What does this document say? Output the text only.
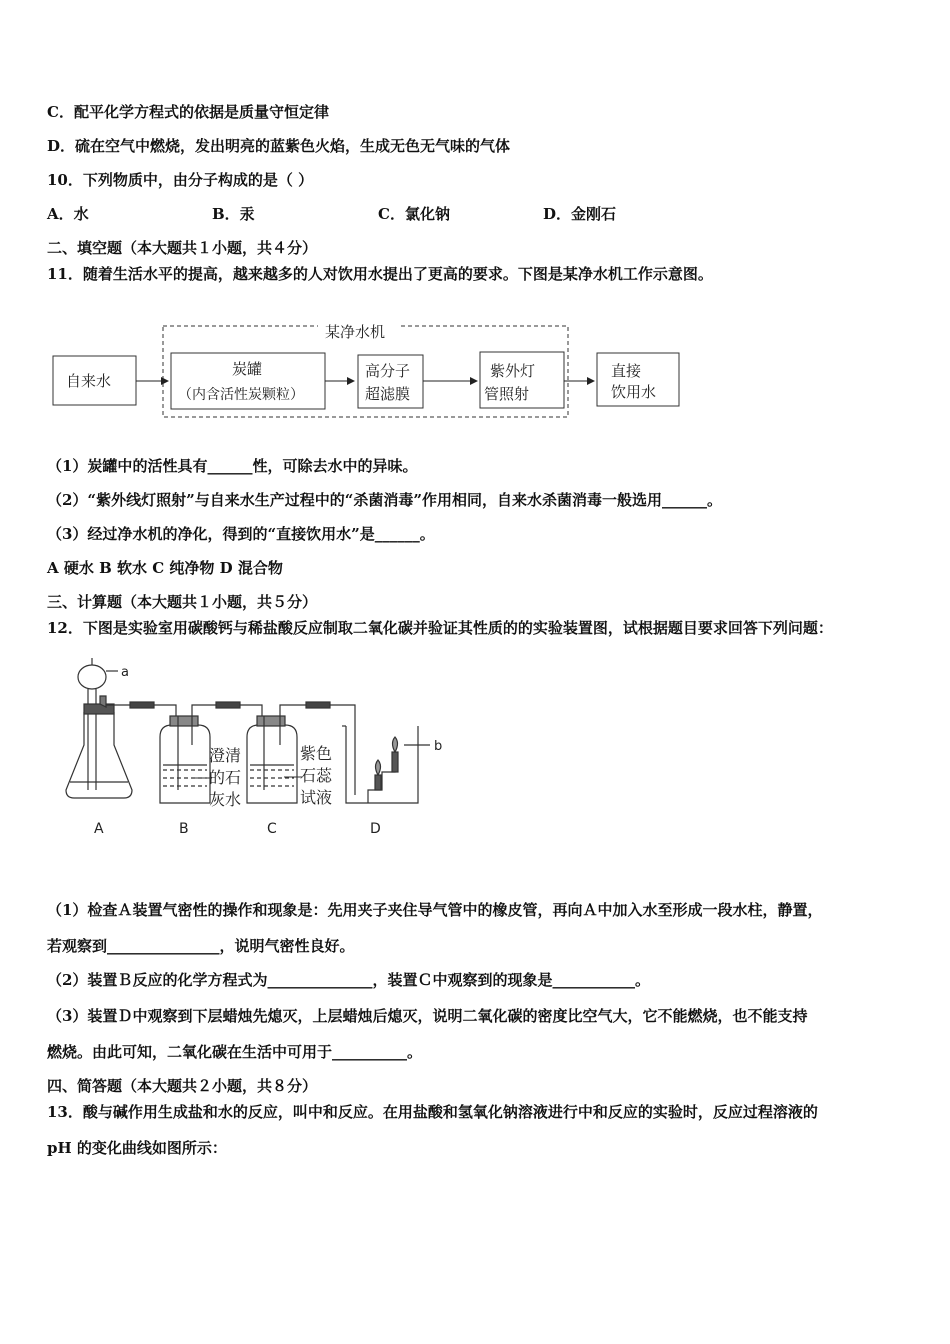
C．配平化学方程式的依据是质量守恒定律
D．硫在空气中燃烧，发出明亮的蓝紫色火焰，生成无色无气味的气体
10．下列物质中，由分子构成的是（ ）
A．水	B．汞	C．氯化钠	D．金刚石
二、填空题（本大题共１小题，共４分）
11．随着生活水平的提高，越来越多的人对饮用水提出了更高的要求。下图是某净水机工作示意图。
某净水机
自来水
炭罐
（内含活性炭颗粒）
高分子
超滤膜
紫外灯
管照射
直接
饮用水
（1）炭罐中的活性具有______性，可除去水中的异味。
（2）“紫外线灯照射”与自来水生产过程中的“杀菌消毒”作用相同，自来水杀菌消毒一般选用______。
（3）经过净水机的净化，得到的“直接饮用水”是______。
A 硬水 B 软水 C 纯净物 D 混合物
三、计算题（本大题共１小题，共５分）
12．下图是实验室用碳酸钙与稀盐酸反应制取二氧化碳并验证其性质的的实验装置图，试根据题目要求回答下列问题：
a
b
澄清
的石
灰水
紫色
石蕊
试液
A	B	C	D
（1）检查Ａ装置气密性的操作和现象是：先用夹子夹住导气管中的橡皮管，再向Ａ中加入水至形成一段水柱，静置，
若观察到_______________，说明气密性良好。
（2）装置Ｂ反应的化学方程式为______________，装置Ｃ中观察到的现象是___________。
（3）装置Ｄ中观察到下层蜡烛先熄灭，上层蜡烛后熄灭，说明二氧化碳的密度比空气大，它不能燃烧，也不能支持
燃烧。由此可知，二氧化碳在生活中可用于__________。
四、简答题（本大题共２小题，共８分）
13．酸与碱作用生成盐和水的反应，叫中和反应。在用盐酸和氢氧化钠溶液进行中和反应的实验时，反应过程溶液的
pH 的变化曲线如图所示：
